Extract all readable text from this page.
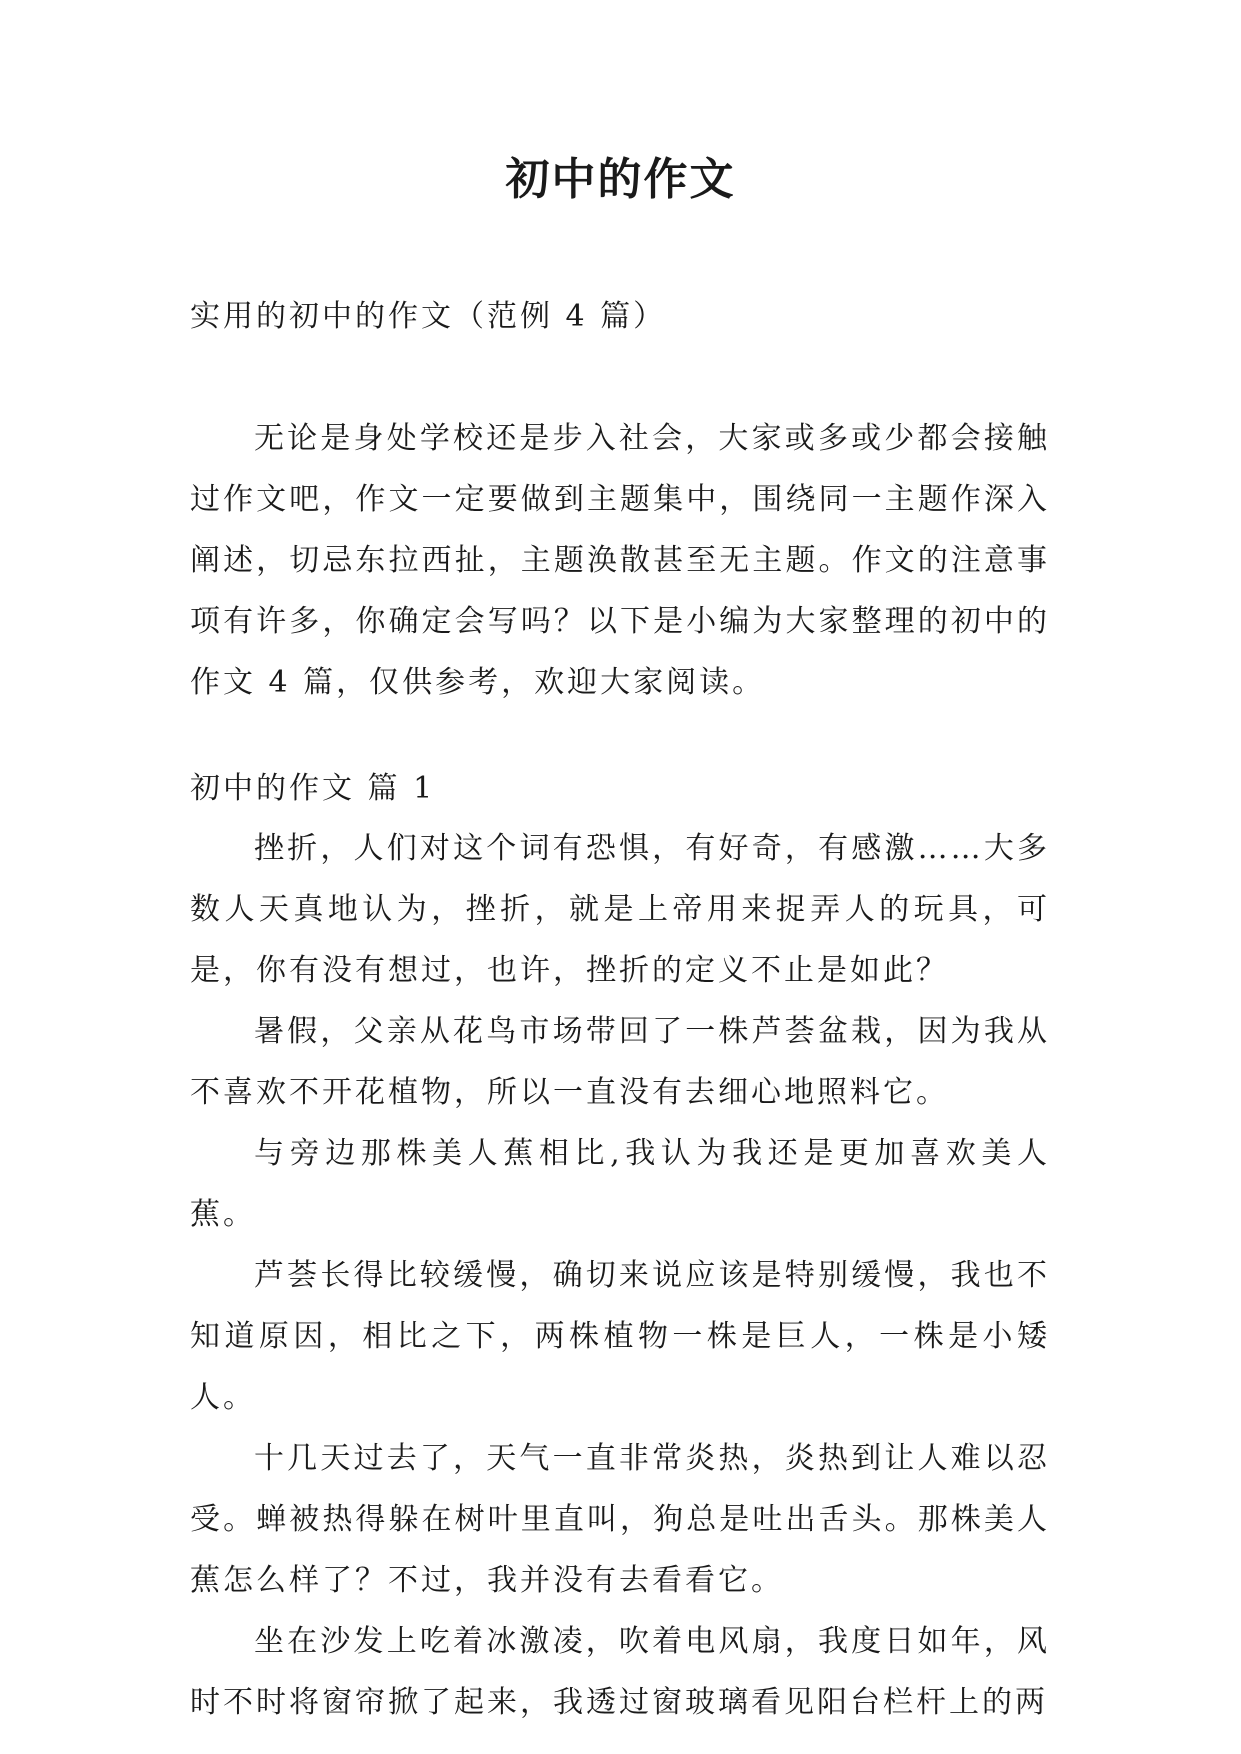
初中的作文
实用的初中的作文（范例 4 篇）

无论是身处学校还是步入社会，大家或多或少都会接触过作文吧，作文一定要做到主题集中，围绕同一主题作深入阐述，切忌东拉西扯，主题涣散甚至无主题。作文的注意事项有许多，你确定会写吗？以下是小编为大家整理的初中的作文 4 篇，仅供参考，欢迎大家阅读。

初中的作文 篇 1

挫折，人们对这个词有恐惧，有好奇，有感激……大多数人天真地认为，挫折，就是上帝用来捉弄人的玩具，可是，你有没有想过，也许，挫折的定义不止是如此？

暑假，父亲从花鸟市场带回了一株芦荟盆栽，因为我从不喜欢不开花植物，所以一直没有去细心地照料它。

与旁边那株美人蕉相比,我认为我还是更加喜欢美人蕉。

芦荟长得比较缓慢，确切来说应该是特别缓慢，我也不知道原因，相比之下，两株植物一株是巨人，一株是小矮人。

十几天过去了，天气一直非常炎热，炎热到让人难以忍受。蝉被热得躲在树叶里直叫，狗总是吐出舌头。那株美人蕉怎么样了？不过，我并没有去看看它。

坐在沙发上吃着冰激凌，吹着电风扇，我度日如年，风时不时将窗帘掀了起来，我透过窗玻璃看见阳台栏杆上的两
